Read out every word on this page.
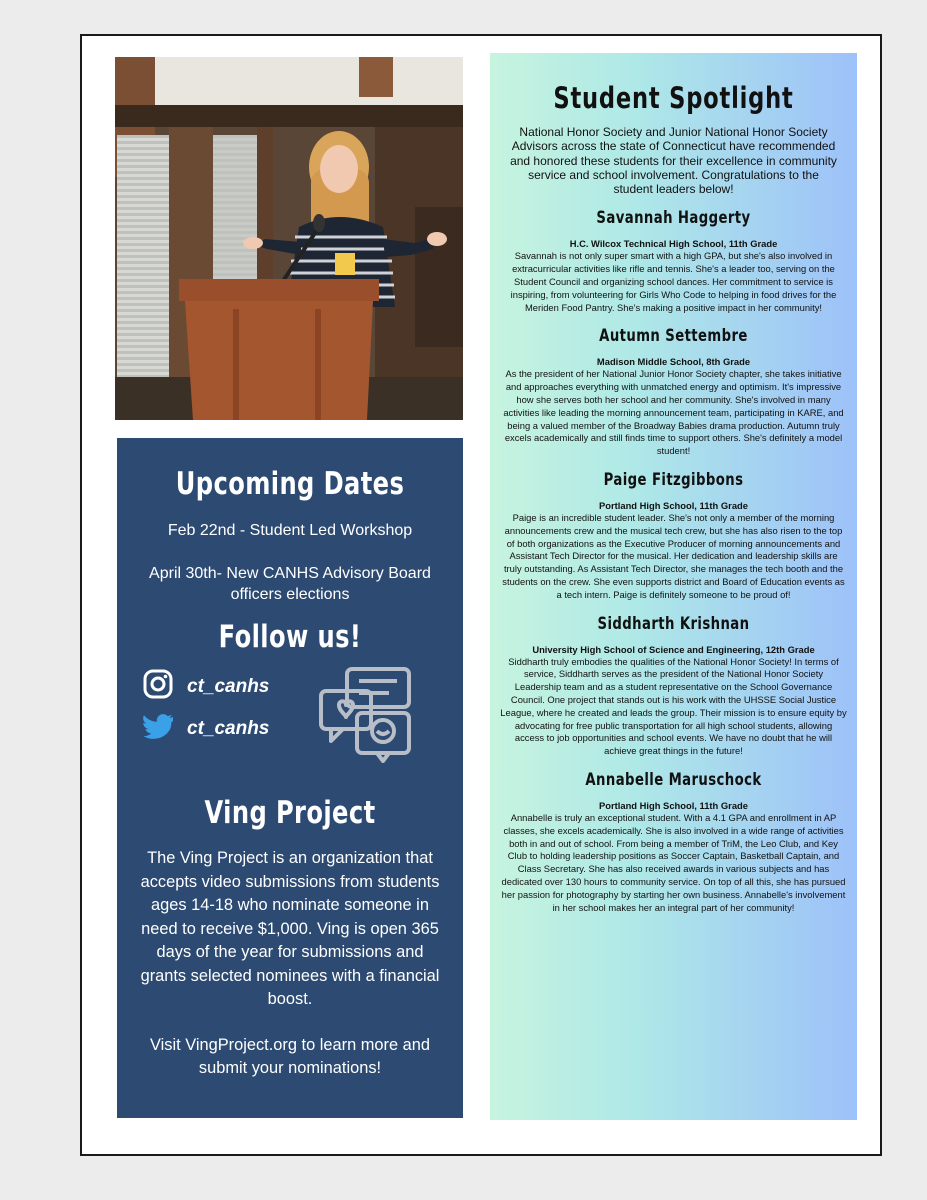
Upcoming Dates
Feb 22nd - Student Led Workshop
April 30th- New CANHS Advisory Board officers elections
Follow us!
ct_canhs
ct_canhs
Ving Project
The Ving Project is an organization that accepts video submissions from students ages 14-18 who nominate someone in need to receive $1,000. Ving is open 365 days of the year for submissions and grants selected nominees with a financial boost.
Visit VingProject.org to learn more and submit your nominations!
Student Spotlight
National Honor Society and Junior National Honor Society Advisors across the state of Connecticut have recommended and honored these students for their excellence in community service and school involvement. Congratulations to the student leaders below!
Savannah Haggerty
H.C. Wilcox Technical High School, 11th Grade
Savannah is not only super smart with a high GPA, but she's also involved in extracurricular activities like rifle and tennis. She's a leader too, serving on the Student Council and organizing school dances. Her commitment to service is inspiring, from volunteering for Girls Who Code to helping in food drives for the Meriden Food Pantry. She's making a positive impact in her community!
Autumn Settembre
Madison Middle School, 8th Grade
As the president of her National Junior Honor Society chapter, she takes initiative and approaches everything with unmatched energy and optimism. It's impressive how she serves both her school and her community. She's involved in many activities like leading the morning announcement team, participating in KARE, and being a valued member of the Broadway Babies drama production. Autumn truly excels academically and still finds time to support others. She's definitely a model student!
Paige Fitzgibbons
Portland High School, 11th Grade
Paige is an incredible student leader. She's not only a member of the morning announcements crew and the musical tech crew, but she has also risen to the top of both organizations as the Executive Producer of morning announcements and Assistant Tech Director for the musical. Her dedication and leadership skills are truly outstanding. As Assistant Tech Director, she manages the tech booth and the students on the crew. She even supports district and Board of Education events as a tech intern. Paige is definitely someone to be proud of!
Siddharth Krishnan
University High School of Science and Engineering, 12th Grade
Siddharth truly embodies the qualities of the National Honor Society! In terms of service, Siddharth serves as the president of the National Honor Society Leadership team and as a student representative on the School Governance Council. One project that stands out is his work with the UHSSE Social Justice League, where he created and leads the group. Their mission is to ensure equity by advocating for free public transportation for all high school students, allowing access to job opportunities and school events. We have no doubt that he will achieve great things in the future!
Annabelle Maruschock
Portland High School, 11th Grade
Annabelle is truly an exceptional student. With a 4.1 GPA and enrollment in AP classes, she excels academically. She is also involved in a wide range of activities both in and out of school. From being a member of TriM, the Leo Club, and Key Club to holding leadership positions as Soccer Captain, Basketball Captain, and Class Secretary. She has also received awards in various subjects and has dedicated over 130 hours to community service. On top of all this, she has pursued her passion for photography by starting her own business. Annabelle's involvement in her school makes her an integral part of her community!
